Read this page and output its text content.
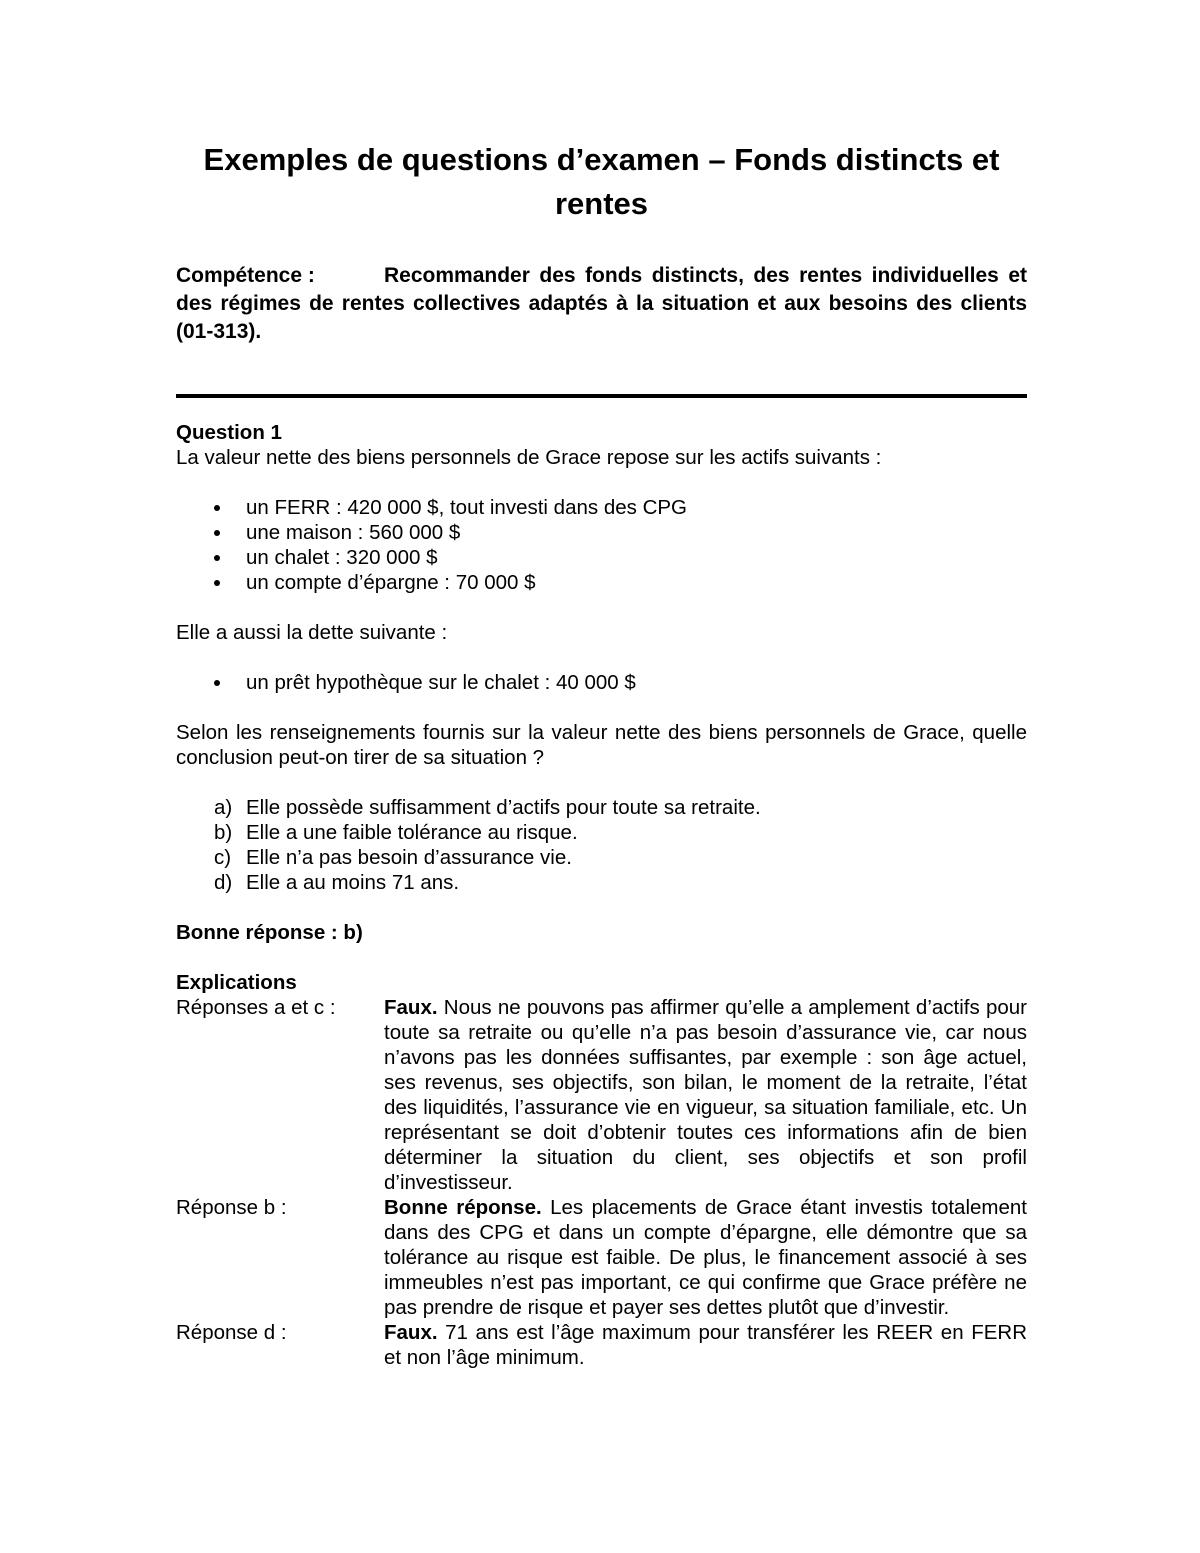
Exemples de questions d’examen – Fonds distincts et rentes
Compétence :	Recommander des fonds distincts, des rentes individuelles et des régimes de rentes collectives adaptés à la situation et aux besoins des clients (01-313).
Question 1
La valeur nette des biens personnels de Grace repose sur les actifs suivants :
un FERR : 420 000 $, tout investi dans des CPG
une maison : 560 000 $
un chalet : 320 000 $
un compte d’épargne : 70 000 $
Elle a aussi la dette suivante :
un prêt hypothèque sur le chalet : 40 000 $
Selon les renseignements fournis sur la valeur nette des biens personnels de Grace, quelle conclusion peut-on tirer de sa situation ?
a) Elle possède suffisamment d’actifs pour toute sa retraite.
b) Elle a une faible tolérance au risque.
c) Elle n’a pas besoin d’assurance vie.
d) Elle a au moins 71 ans.
Bonne réponse : b)
Explications
Réponses a et c :	Faux. Nous ne pouvons pas affirmer qu’elle a amplement d’actifs pour toute sa retraite ou qu’elle n’a pas besoin d’assurance vie, car nous n’avons pas les données suffisantes, par exemple : son âge actuel, ses revenus, ses objectifs, son bilan, le moment de la retraite, l’état des liquidités, l’assurance vie en vigueur, sa situation familiale, etc. Un représentant se doit d’obtenir toutes ces informations afin de bien déterminer la situation du client, ses objectifs et son profil d’investisseur.
Réponse b :	Bonne réponse. Les placements de Grace étant investis totalement dans des CPG et dans un compte d’épargne, elle démontre que sa tolérance au risque est faible. De plus, le financement associé à ses immeubles n’est pas important, ce qui confirme que Grace préfère ne pas prendre de risque et payer ses dettes plutôt que d’investir.
Réponse d :	Faux. 71 ans est l’âge maximum pour transférer les REER en FERR et non l’âge minimum.
